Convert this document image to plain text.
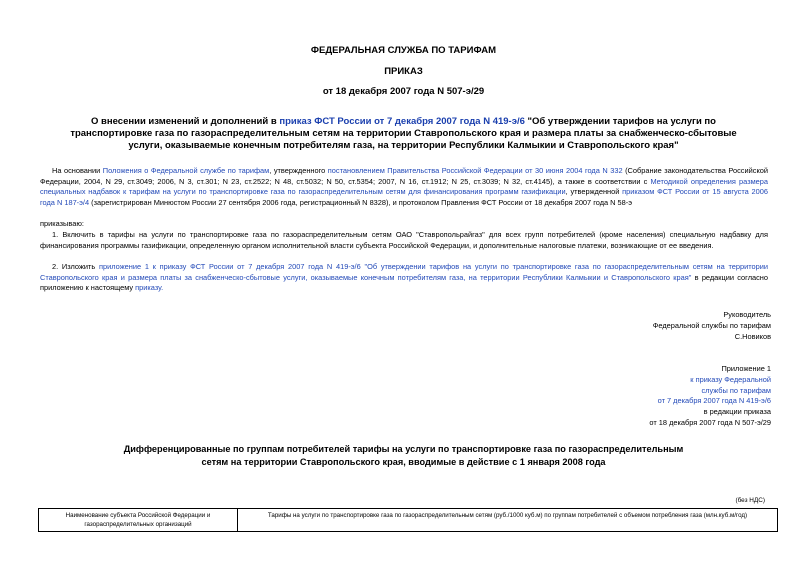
ФЕДЕРАЛЬНАЯ СЛУЖБА ПО ТАРИФАМ
ПРИКАЗ
от 18 декабря 2007 года N 507-э/29
О внесении изменений и дополнений в приказ ФСТ России от 7 декабря 2007 года N 419-э/6 "Об утверждении тарифов на услуги по транспортировке газа по газораспределительным сетям на территории Ставропольского края и размера платы за снабженческо-сбытовые услуги, оказываемые конечным потребителям газа, на территории Республики Калмыкии и Ставропольского края"
На основании Положения о Федеральной службе по тарифам, утвержденного постановлением Правительства Российской Федерации от 30 июня 2004 года N 332 (Собрание законодательства Российской Федерации, 2004, N 29, ст.3049; 2006, N 3, ст.301; N 23, ст.2522; N 48, ст.5032; N 50, ст.5354; 2007, N 16, ст.1912; N 25, ст.3039; N 32, ст.4145), а также в соответствии с Методикой определения размера специальных надбавок к тарифам на услуги по транспортировке газа по газораспределительным сетям для финансирования программ газификации, утвержденной приказом ФСТ России от 15 августа 2006 года N 187-э/4 (зарегистрирован Минюстом России 27 сентября 2006 года, регистрационный N 8328), и протоколом Правления ФСТ России от 18 декабря 2007 года N 58-э
приказываю:
1. Включить в тарифы на услуги по транспортировке газа по газораспределительным сетям ОАО "Ставропольрайгаз" для всех групп потребителей (кроме населения) специальную надбавку для финансирования программы газификации, определенную органом исполнительной власти субъекта Российской Федерации, и дополнительные налоговые платежи, возникающие от ее введения.
2. Изложить приложение 1 к приказу ФСТ России от 7 декабря 2007 года N 419-э/6 "Об утверждении тарифов на услуги по транспортировке газа по газораспределительным сетям на территории Ставропольского края и размера платы за снабженческо-сбытовые услуги, оказываемые конечным потребителям газа, на территории Республики Калмыкии и Ставропольского края" в редакции согласно приложению к настоящему приказу.
Руководитель
Федеральной службы по тарифам
С.Новиков
Приложение 1
к приказу Федеральной
службы по тарифам
от 7 декабря 2007 года N 419-э/6
в редакции приказа
от 18 декабря 2007 года N 507-э/29
Дифференцированные по группам потребителей тарифы на услуги по транспортировке газа по газораспределительным
сетям на территории Ставропольского края, вводимые в действие с 1 января 2008 года
(без НДС)
Наименование субъекта Российской Федерации и газораспределительных организаций	Тарифы на услуги по транспортировке газа по газораспределительным сетям (руб./1000 куб.м) по группам потребителей с объемом потребления газа (млн.куб.м/год)
